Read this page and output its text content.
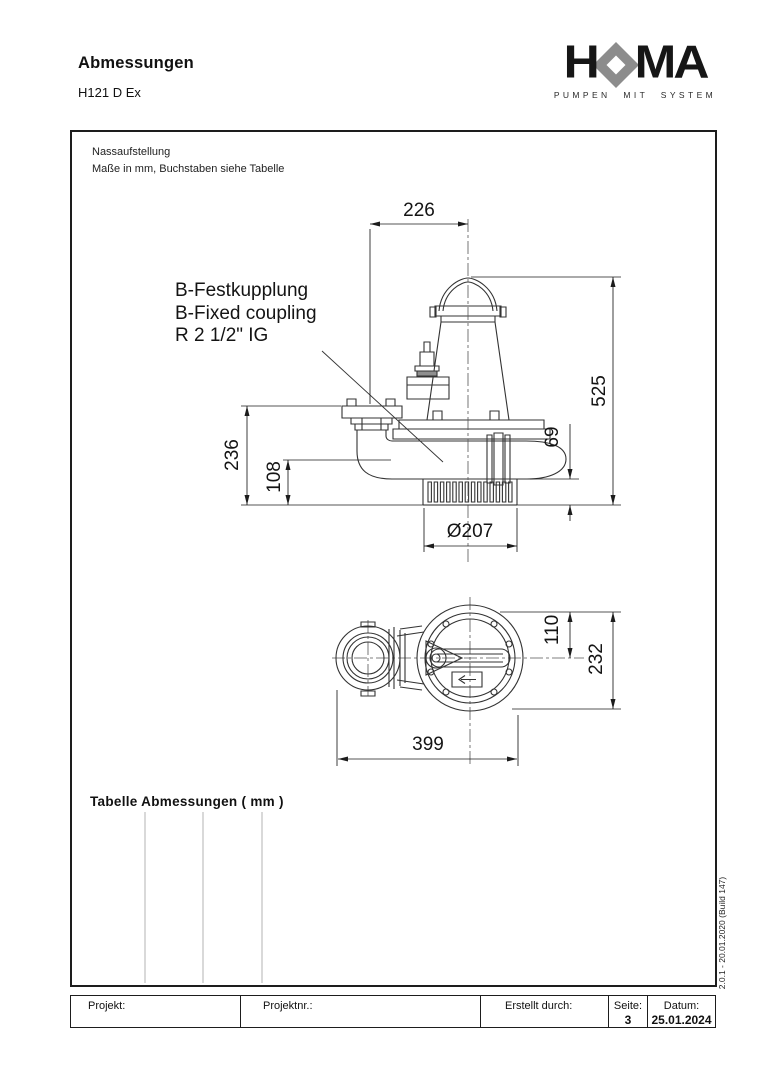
Abmessungen
H121 D Ex
H MA
PUMPEN MIT SYSTEM
Nassaufstellung
Maße in mm, Buchstaben siehe Tabelle
B-Festkupplung
B-Fixed coupling
R 2 1/2" IG
226
525
236
108
69
Ø207
110
232
399
Tabelle Abmessungen ( mm )
2.0.1 - 20.01.2020 (Build 147)
Projekt:	Projektnr.:	Erstellt durch:	Seite:
3
Datum:
25.01.2024
